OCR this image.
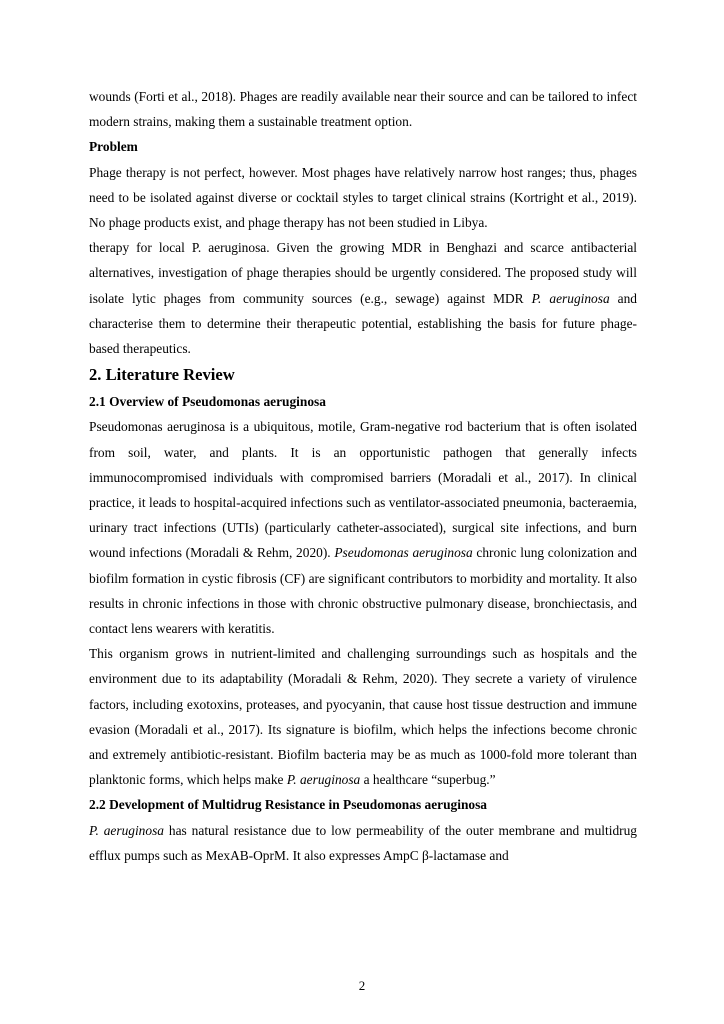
wounds (Forti et al., 2018). Phages are readily available near their source and can be tailored to infect modern strains, making them a sustainable treatment option.

Problem

Phage therapy is not perfect, however. Most phages have relatively narrow host ranges; thus, phages need to be isolated against diverse or cocktail styles to target clinical strains (Kortright et al., 2019). No phage products exist, and phage therapy has not been studied in Libya.

therapy for local P. aeruginosa. Given the growing MDR in Benghazi and scarce antibacterial alternatives, investigation of phage therapies should be urgently considered. The proposed study will isolate lytic phages from community sources (e.g., sewage) against MDR P. aeruginosa and characterise them to determine their therapeutic potential, establishing the basis for future phage-based therapeutics.

2. Literature Review

2.1 Overview of Pseudomonas aeruginosa

Pseudomonas aeruginosa is a ubiquitous, motile, Gram-negative rod bacterium that is often isolated from soil, water, and plants. It is an opportunistic pathogen that generally infects immunocompromised individuals with compromised barriers (Moradali et al., 2017). In clinical practice, it leads to hospital-acquired infections such as ventilator-associated pneumonia, bacteraemia, urinary tract infections (UTIs) (particularly catheter-associated), surgical site infections, and burn wound infections (Moradali & Rehm, 2020). Pseudomonas aeruginosa chronic lung colonization and biofilm formation in cystic fibrosis (CF) are significant contributors to morbidity and mortality. It also results in chronic infections in those with chronic obstructive pulmonary disease, bronchiectasis, and contact lens wearers with keratitis.

This organism grows in nutrient-limited and challenging surroundings such as hospitals and the environment due to its adaptability (Moradali & Rehm, 2020). They secrete a variety of virulence factors, including exotoxins, proteases, and pyocyanin, that cause host tissue destruction and immune evasion (Moradali et al., 2017). Its signature is biofilm, which helps the infections become chronic and extremely antibiotic-resistant. Biofilm bacteria may be as much as 1000-fold more tolerant than planktonic forms, which helps make P. aeruginosa a healthcare “superbug.”

2.2 Development of Multidrug Resistance in Pseudomonas aeruginosa

P. aeruginosa has natural resistance due to low permeability of the outer membrane and multidrug efflux pumps such as MexAB-OprM. It also expresses AmpC β-lactamase and

2
